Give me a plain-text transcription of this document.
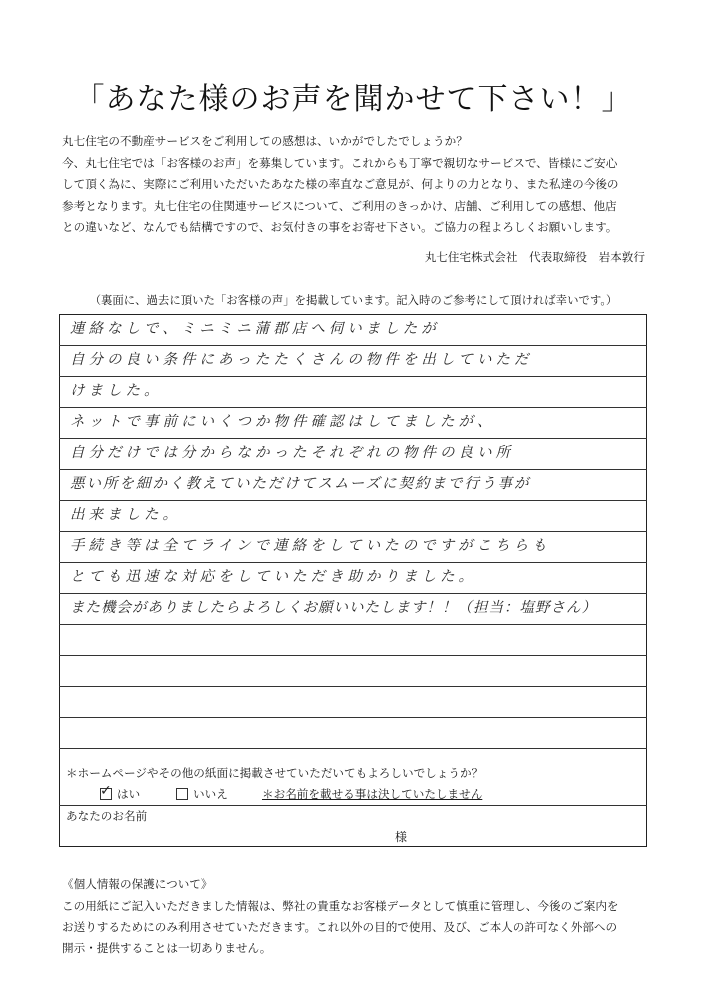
「あなた様のお声を聞かせて下さい！」

丸七住宅の不動産サービスをご利用しての感想は、いかがでしたでしょうか？

今、丸七住宅では「お客様のお声」を募集しています。これからも丁寧で親切なサービスで、皆様にご安心

して頂く為に、実際にご利用いただいたあなた様の率直なご意見が、何よりの力となり、また私達の今後の

参考となります。丸七住宅の住関連サービスについて、ご利用のきっかけ、店舗、ご利用しての感想、他店

との違いなど、なんでも結構ですので、お気付きの事をお寄せ下さい。ご協力の程よろしくお願いします。

丸七住宅株式会社　代表取締役　岩本敦行
（裏面に、過去に頂いた「お客様の声」を掲載しています。記入時のご参考にして頂ければ幸いです。）
連絡なしで、ミニミニ蒲郡店へ伺いましたが
自分の良い条件にあったたくさんの物件を出していただ
けました。
ネットで事前にいくつか物件確認はしてましたが、
自分だけでは分からなかったそれぞれの物件の良い所
悪い所を細かく教えていただけてスムーズに契約まで行う事が
出来ました。
手続き等は全てラインで連絡をしていたのですがこちらも
とても迅速な対応をしていただき助かりました。
また機会がありましたらよろしくお願いいたします！！（担当：塩野さん）
＊ホームページやその他の紙面に掲載させていただいてもよろしいでしょうか？
✓
はい	いいえ	＊お名前を載せる事は決していたしません
あなたのお名前
様
《個人情報の保護について》

この用紙にご記入いただきました情報は、弊社の貴重なお客様データとして慎重に管理し、今後のご案内を

お送りするためにのみ利用させていただきます。これ以外の目的で使用、及び、ご本人の許可なく外部への

開示・提供することは一切ありません。
